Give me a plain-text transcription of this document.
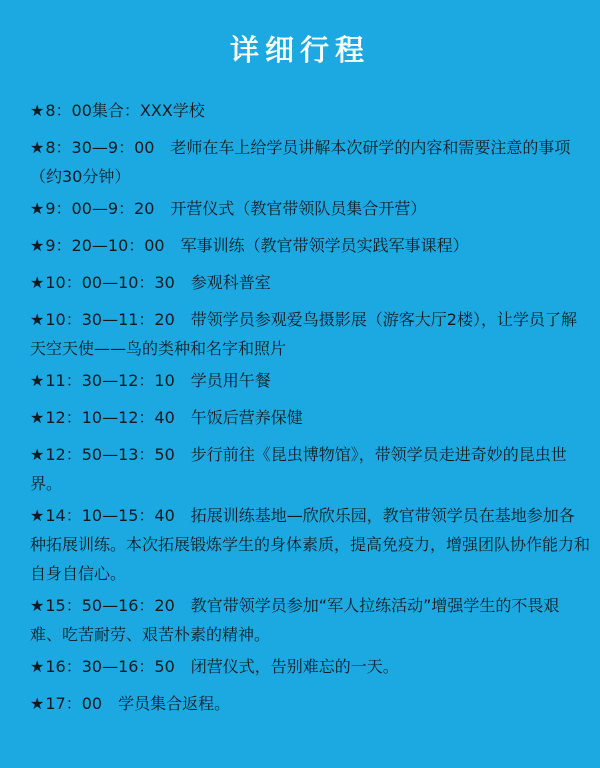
详细行程
★8：00集合：XXX学校
★8：30—9：00　老师在车上给学员讲解本次研学的内容和需要注意的事项（约30分钟）
★9：00—9：20　开营仪式（教官带领队员集合开营）
★9：20—10：00　军事训练（教官带领学员实践军事课程）
★10：00—10：30　参观科普室
★10：30—11：20　带领学员参观爱鸟摄影展（游客大厅2楼），让学员了解天空天使——鸟的类种和名字和照片
★11：30—12：10　学员用午餐
★12：10—12：40　午饭后营养保健
★12：50—13：50　步行前往《昆虫博物馆》，带领学员走进奇妙的昆虫世界。
★14：10—15：40　拓展训练基地—欣欣乐园，教官带领学员在基地参加各种拓展训练。本次拓展锻炼学生的身体素质，提高免疫力，增强团队协作能力和自身自信心。
★15：50—16：20　教官带领学员参加“军人拉练活动”增强学生的不畏艰难、吃苦耐劳、艰苦朴素的精神。
★16：30—16：50　闭营仪式，告别难忘的一天。
★17：00　学员集合返程。
